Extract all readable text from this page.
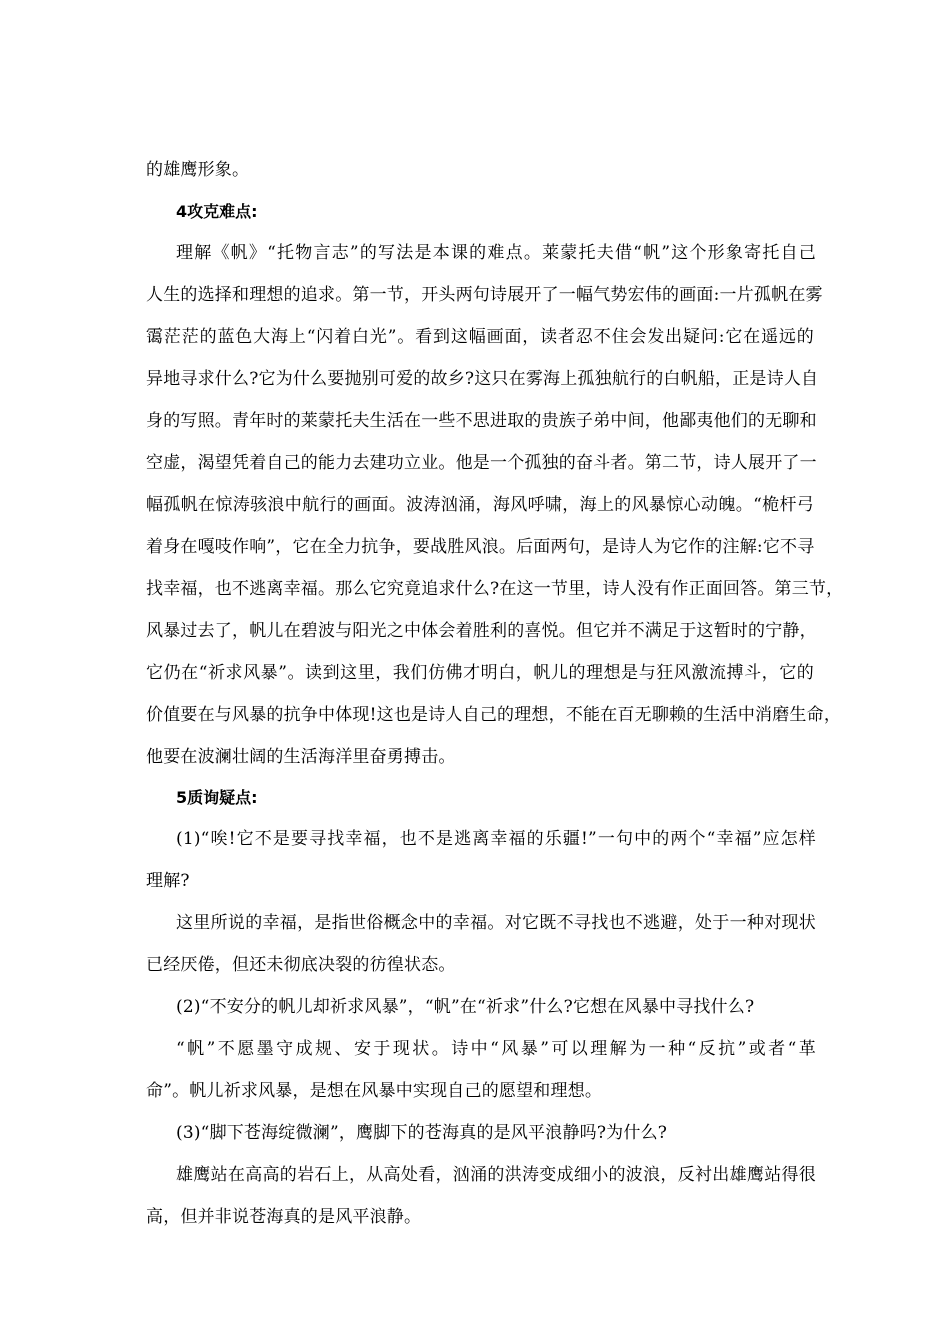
的雄鹰形象。
4攻克难点:
理解《帆》“托物言志”的写法是本课的难点。莱蒙托夫借“帆”这个形象寄托自己
人生的选择和理想的追求。第一节，开头两句诗展开了一幅气势宏伟的画面:一片孤帆在雾
霭茫茫的蓝色大海上“闪着白光”。看到这幅画面，读者忍不住会发出疑问:它在遥远的
异地寻求什么?它为什么要抛别可爱的故乡?这只在雾海上孤独航行的白帆船，正是诗人自
身的写照。青年时的莱蒙托夫生活在一些不思进取的贵族子弟中间，他鄙夷他们的无聊和
空虚，渴望凭着自己的能力去建功立业。他是一个孤独的奋斗者。第二节，诗人展开了一
幅孤帆在惊涛骇浪中航行的画面。波涛汹涌，海风呼啸，海上的风暴惊心动魄。“桅杆弓
着身在嘎吱作响”，它在全力抗争，要战胜风浪。后面两句，是诗人为它作的注解:它不寻
找幸福，也不逃离幸福。那么它究竟追求什么?在这一节里，诗人没有作正面回答。第三节，
风暴过去了，帆儿在碧波与阳光之中体会着胜利的喜悦。但它并不满足于这暂时的宁静，
它仍在“祈求风暴”。读到这里，我们仿佛才明白，帆儿的理想是与狂风激流搏斗，它的
价值要在与风暴的抗争中体现!这也是诗人自己的理想，不能在百无聊赖的生活中消磨生命，
他要在波澜壮阔的生活海洋里奋勇搏击。
5质询疑点:
(1)“唉!它不是要寻找幸福，也不是逃离幸福的乐疆!”一句中的两个“幸福”应怎样
理解?
这里所说的幸福，是指世俗概念中的幸福。对它既不寻找也不逃避，处于一种对现状
已经厌倦，但还未彻底决裂的彷徨状态。
(2)“不安分的帆儿却祈求风暴”，“帆”在“祈求”什么?它想在风暴中寻找什么?
“帆”不愿墨守成规、安于现状。诗中“风暴”可以理解为一种“反抗”或者“革
命”。帆儿祈求风暴，是想在风暴中实现自己的愿望和理想。
(3)“脚下苍海绽微澜”，鹰脚下的苍海真的是风平浪静吗?为什么?
雄鹰站在高高的岩石上，从高处看，汹涌的洪涛变成细小的波浪，反衬出雄鹰站得很
高，但并非说苍海真的是风平浪静。
